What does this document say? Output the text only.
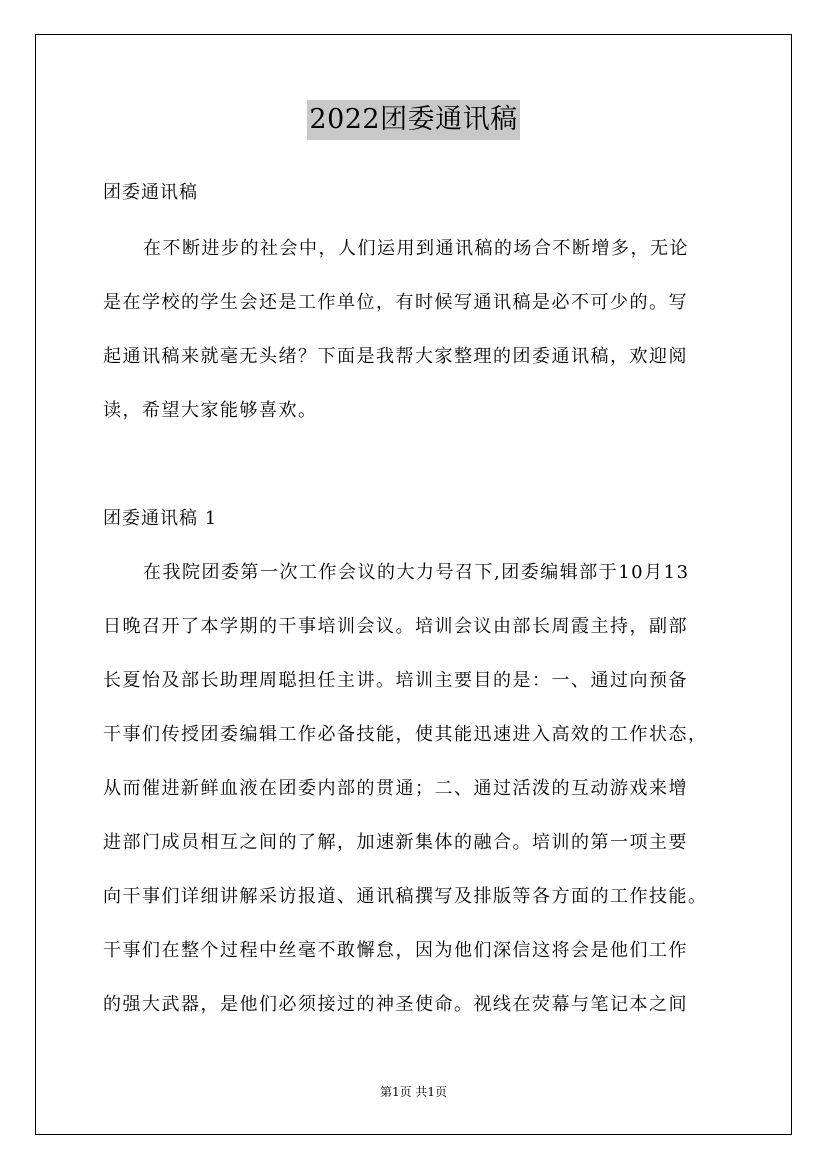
2022团委通讯稿
团委通讯稿
在不断进步的社会中，人们运用到通讯稿的场合不断增多，无论
是在学校的学生会还是工作单位，有时候写通讯稿是必不可少的。写
起通讯稿来就毫无头绪？下面是我帮大家整理的团委通讯稿，欢迎阅
读，希望大家能够喜欢。
团委通讯稿 1
在我院团委第一次工作会议的大力号召下,团委编辑部于10月13
日晚召开了本学期的干事培训会议。培训会议由部长周霞主持，副部
长夏怡及部长助理周聪担任主讲。培训主要目的是：一、通过向预备
干事们传授团委编辑工作必备技能，使其能迅速进入高效的工作状态，
从而催进新鲜血液在团委内部的贯通；二、通过活泼的互动游戏来增
进部门成员相互之间的了解，加速新集体的融合。培训的第一项主要
向干事们详细讲解采访报道、通讯稿撰写及排版等各方面的工作技能。
干事们在整个过程中丝毫不敢懈怠，因为他们深信这将会是他们工作
的强大武器，是他们必须接过的神圣使命。视线在荧幕与笔记本之间
第1页 共1页
